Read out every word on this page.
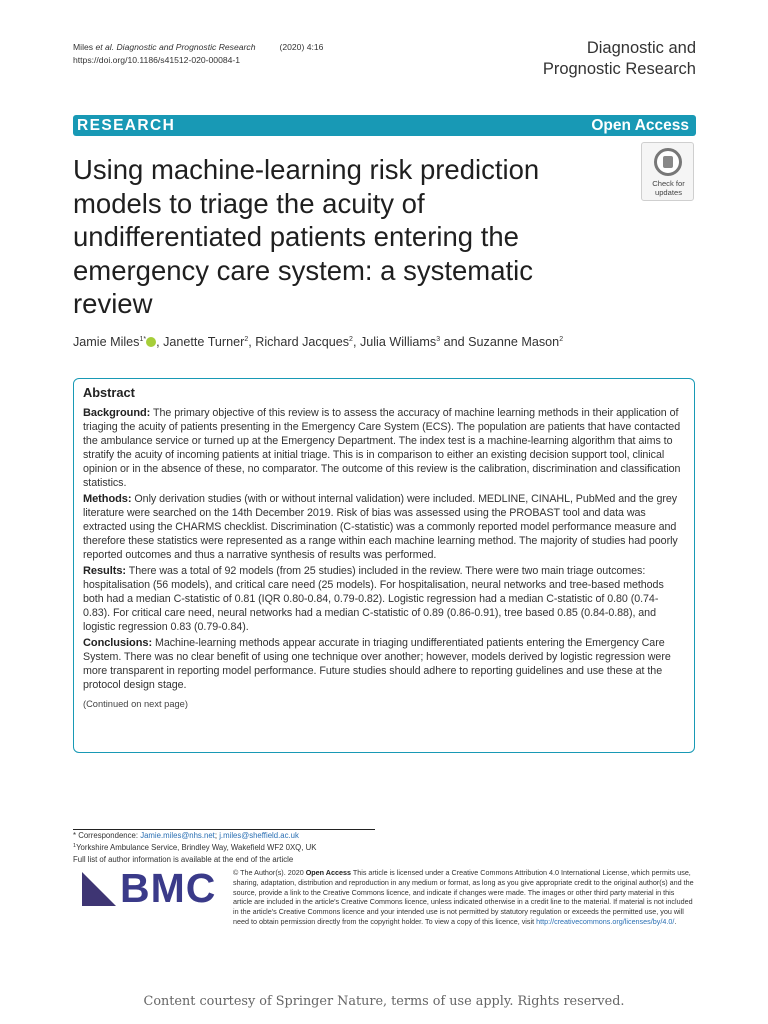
Miles et al. Diagnostic and Prognostic Research	(2020) 4:16
https://doi.org/10.1186/s41512-020-00084-1
Diagnostic and
Prognostic Research
RESEARCH	Open Access
Using machine-learning risk prediction models to triage the acuity of undifferentiated patients entering the emergency care system: a systematic review
Check for
updates
Jamie Miles$^{1*}$ , Janette Turner$^2$, Richard Jacques$^2$, Julia Williams$^3$ and Suzanne Mason$^2$
Abstract

Background: The primary objective of this review is to assess the accuracy of machine learning methods in their application of triaging the acuity of patients presenting in the Emergency Care System (ECS). The population are patients that have contacted the ambulance service or turned up at the Emergency Department. The index test is a machine-learning algorithm that aims to stratify the acuity of incoming patients at initial triage. This is in comparison to either an existing decision support tool, clinical opinion or in the absence of these, no comparator. The outcome of this review is the calibration, discrimination and classification statistics.

Methods: Only derivation studies (with or without internal validation) were included. MEDLINE, CINAHL, PubMed and the grey literature were searched on the 14th December 2019. Risk of bias was assessed using the PROBAST tool and data was extracted using the CHARMS checklist. Discrimination (C-statistic) was a commonly reported model performance measure and therefore these statistics were represented as a range within each machine learning method. The majority of studies had poorly reported outcomes and thus a narrative synthesis of results was performed.

Results: There was a total of 92 models (from 25 studies) included in the review. There were two main triage outcomes: hospitalisation (56 models), and critical care need (25 models). For hospitalisation, neural networks and tree-based methods both had a median C-statistic of 0.81 (IQR 0.80-0.84, 0.79-0.82). Logistic regression had a median C-statistic of 0.80 (0.74-0.83). For critical care need, neural networks had a median C-statistic of 0.89 (0.86-0.91), tree based 0.85 (0.84-0.88), and logistic regression 0.83 (0.79-0.84).

Conclusions: Machine-learning methods appear accurate in triaging undifferentiated patients entering the Emergency Care System. There was no clear benefit of using one technique over another; however, models derived by logistic regression were more transparent in reporting model performance. Future studies should adhere to reporting guidelines and use these at the protocol design stage.

(Continued on next page)
* Correspondence: Jamie.miles@nhs.net; j.miles@sheffield.ac.uk
$^1$Yorkshire Ambulance Service, Brindley Way, Wakefield WF2 0XQ, UK
Full list of author information is available at the end of the article
BMC © The Author(s). 2020 Open Access This article is licensed under a Creative Commons Attribution 4.0 International License, which permits use, sharing, adaptation, distribution and reproduction in any medium or format, as long as you give appropriate credit to the original author(s) and the source, provide a link to the Creative Commons licence, and indicate if changes were made. The images or other third party material in this article are included in the article's Creative Commons licence, unless indicated otherwise in a credit line to the material. If material is not included in the article's Creative Commons licence and your intended use is not permitted by statutory regulation or exceeds the permitted use, you will need to obtain permission directly from the copyright holder. To view a copy of this licence, visit http://creativecommons.org/licenses/by/4.0/.
Content courtesy of Springer Nature, terms of use apply. Rights reserved.
